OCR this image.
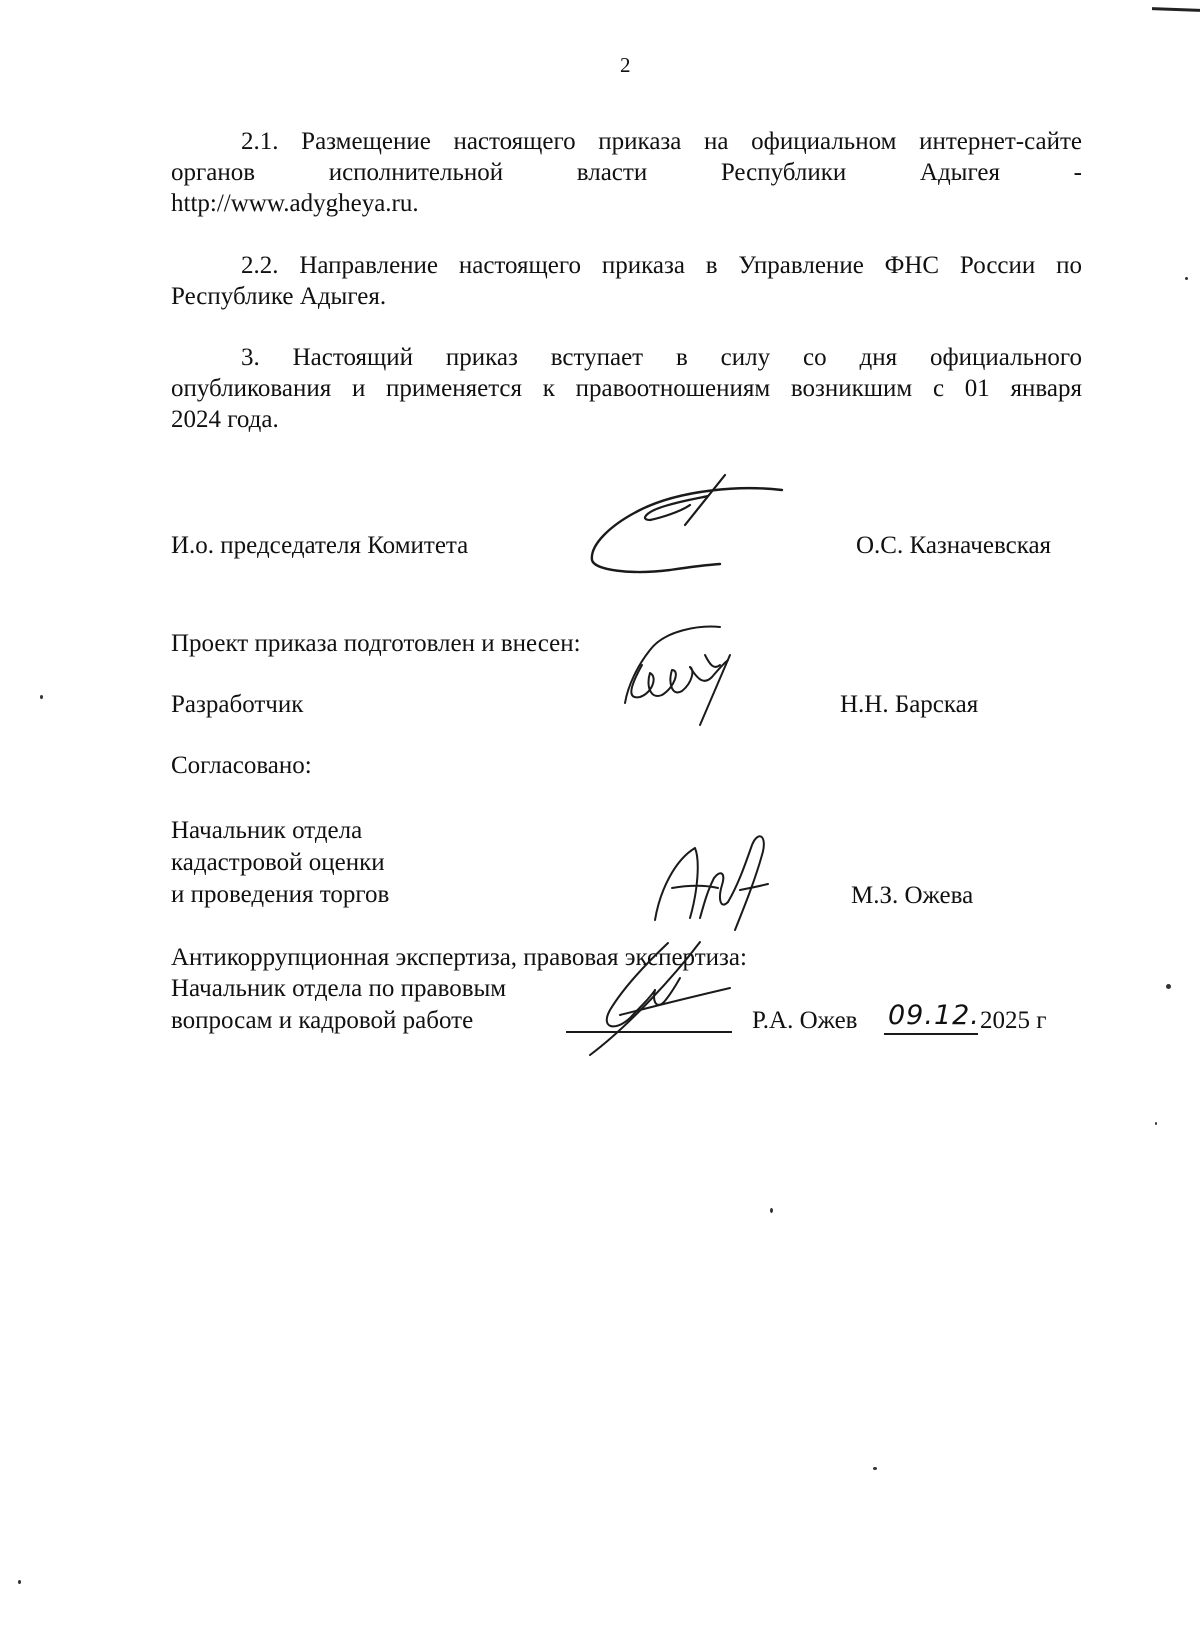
2
2.1. Размещение настоящего приказа на официальном интернет-сайте
органов	исполнительной	власти	Республики	Адыгея	-
http://www.adygheya.ru.
2.2. Направление настоящего приказа в Управление ФНС России по
Республике Адыгея.
3. Настоящий приказ вступает в силу со дня официального
опубликования и применяется к правоотношениям возникшим с 01 января
2024 года.
И.о. председателя Комитета	О.С. Казначевская
Проект приказа подготовлен и внесен:
Разработчик	Н.Н. Барская
Согласовано:
Начальник отдела
кадастровой оценки
и проведения торгов	М.З. Ожева
Антикоррупционная экспертиза, правовая экспертиза:
Начальник отдела по правовым
вопросам и кадровой работе	Р.А. Ожев 09.12. 2025 г
